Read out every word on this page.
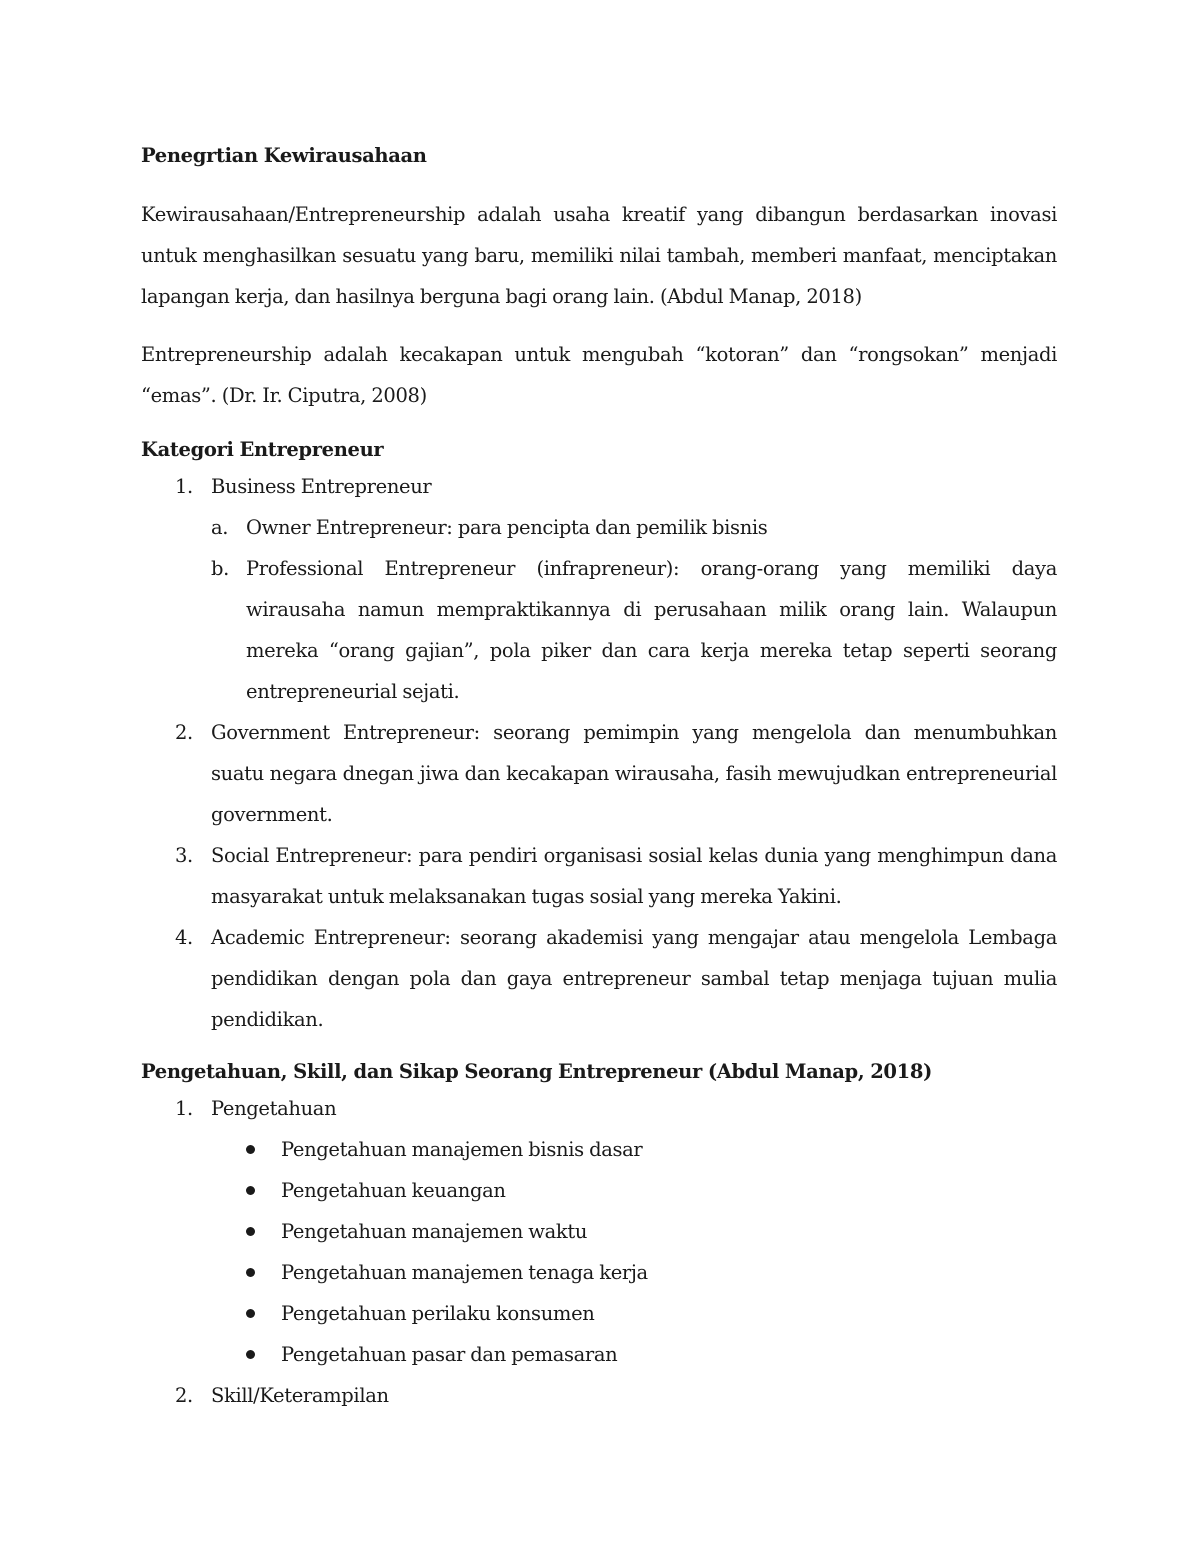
Penegrtian Kewirausahaan

Kewirausahaan/Entrepreneurship adalah usaha kreatif yang dibangun berdasarkan inovasi untuk menghasilkan sesuatu yang baru, memiliki nilai tambah, memberi manfaat, menciptakan lapangan kerja, dan hasilnya berguna bagi orang lain. (Abdul Manap, 2018)

Entrepreneurship adalah kecakapan untuk mengubah “kotoran” dan “rongsokan” menjadi “emas”. (Dr. Ir. Ciputra, 2008)

Kategori Entrepreneur

1. Business Entrepreneur
a. Owner Entrepreneur: para pencipta dan pemilik bisnis
b. Professional Entrepreneur (infrapreneur): orang-orang yang memiliki daya wirausaha namun mempraktikannya di perusahaan milik orang lain. Walaupun mereka “orang gajian”, pola piker dan cara kerja mereka tetap seperti seorang entrepreneurial sejati.
2. Government Entrepreneur: seorang pemimpin yang mengelola dan menumbuhkan suatu negara dnegan jiwa dan kecakapan wirausaha, fasih mewujudkan entrepreneurial government.
3. Social Entrepreneur: para pendiri organisasi sosial kelas dunia yang menghimpun dana masyarakat untuk melaksanakan tugas sosial yang mereka Yakini.
4. Academic Entrepreneur: seorang akademisi yang mengajar atau mengelola Lembaga pendidikan dengan pola dan gaya entrepreneur sambal tetap menjaga tujuan mulia pendidikan.

Pengetahuan, Skill, dan Sikap Seorang Entrepreneur (Abdul Manap, 2018)

1. Pengetahuan
Pengetahuan manajemen bisnis dasar
Pengetahuan keuangan
Pengetahuan manajemen waktu
Pengetahuan manajemen tenaga kerja
Pengetahuan perilaku konsumen
Pengetahuan pasar dan pemasaran
2. Skill/Keterampilan
